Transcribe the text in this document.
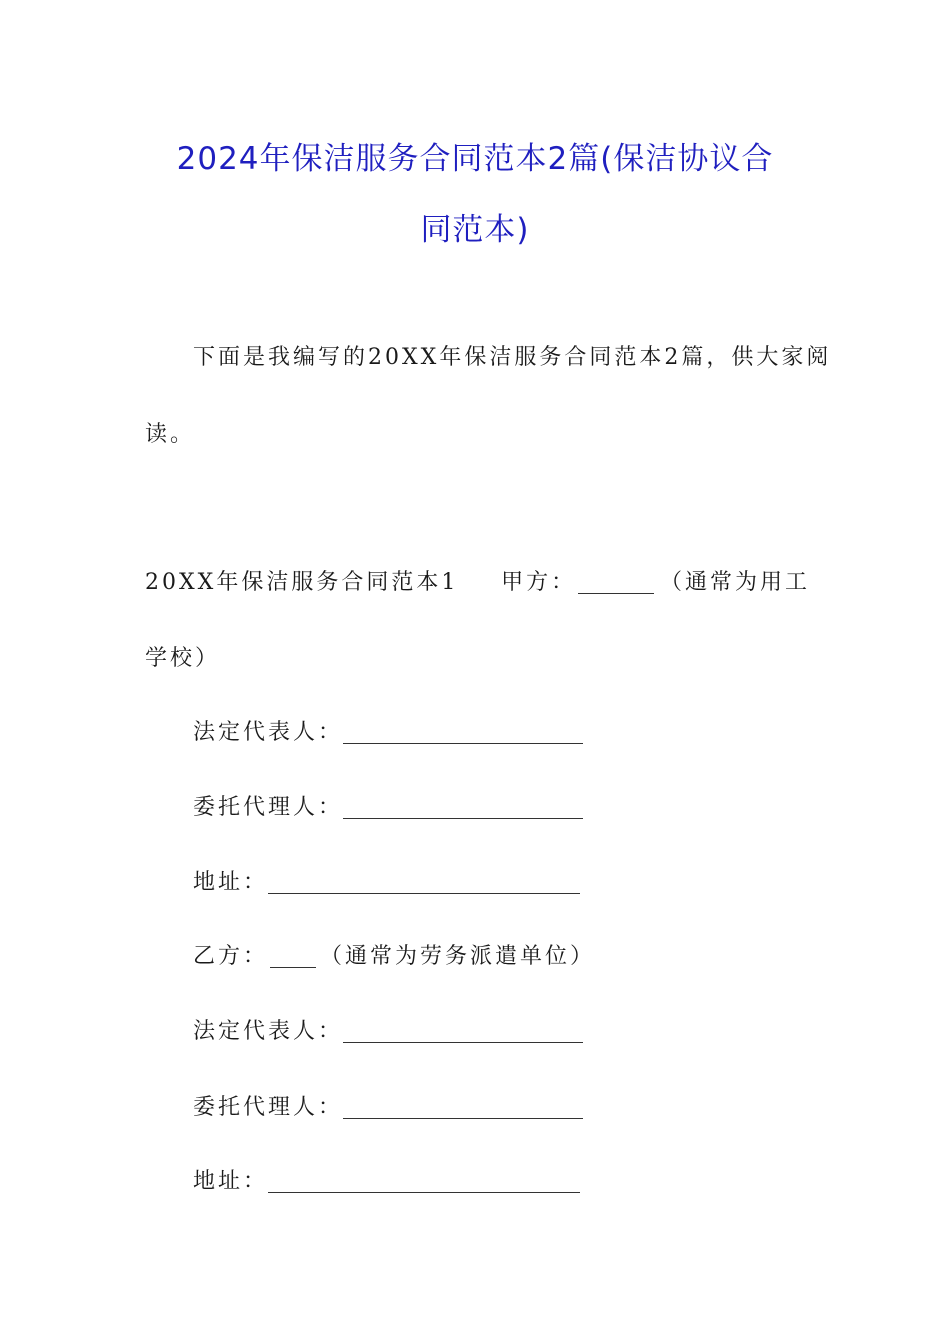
2024年保洁服务合同范本2篇(保洁协议合
同范本)
下面是我编写的20XX年保洁服务合同范本2篇，供大家阅
读。
20XX年保洁服务合同范本1 甲方：	（通常为用工
学校）
法定代表人：
委托代理人：
地址：
乙方： （通常为劳务派遣单位）
法定代表人：
委托代理人：
地址：
